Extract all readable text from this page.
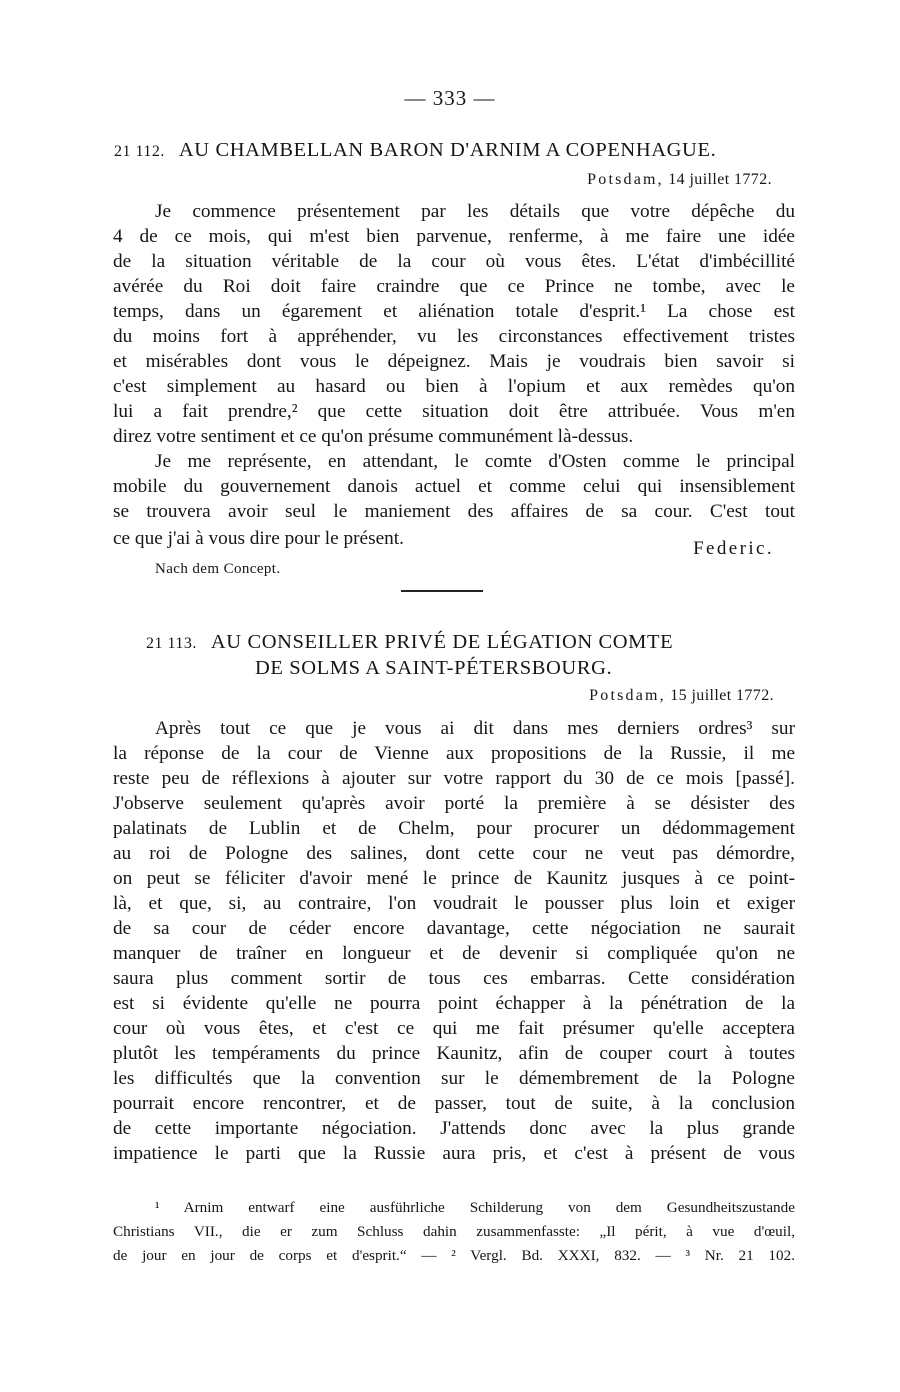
— 333 —
21 112. AU CHAMBELLAN BARON D'ARNIM A COPENHAGUE.
Potsdam, 14 juillet 1772.
Je commence présentement par les détails que votre dépêche du
4 de ce mois, qui m'est bien parvenue, renferme, à me faire une idée
de la situation véritable de la cour où vous êtes. L'état d'imbécillité
avérée du Roi doit faire craindre que ce Prince ne tombe, avec le
temps, dans un égarement et aliénation totale d'esprit.¹ La chose est
du moins fort à appréhender, vu les circonstances effectivement tristes
et misérables dont vous le dépeignez. Mais je voudrais bien savoir si
c'est simplement au hasard ou bien à l'opium et aux remèdes qu'on
lui a fait prendre,² que cette situation doit être attribuée. Vous m'en
direz votre sentiment et ce qu'on présume communément là-dessus.
Je me représente, en attendant, le comte d'Osten comme le principal
mobile du gouvernement danois actuel et comme celui qui insensiblement
se trouvera avoir seul le maniement des affaires de sa cour. C'est tout
ce que j'ai à vous dire pour le présent.	Federic.
Nach dem Concept.
21 113. AU CONSEILLER PRIVÉ DE LÉGATION COMTE
DE SOLMS A SAINT-PÉTERSBOURG.
Potsdam, 15 juillet 1772.
Après tout ce que je vous ai dit dans mes derniers ordres³ sur
la réponse de la cour de Vienne aux propositions de la Russie, il me
reste peu de réflexions à ajouter sur votre rapport du 30 de ce mois [passé].
J'observe seulement qu'après avoir porté la première à se désister des
palatinats de Lublin et de Chelm, pour procurer un dédommagement
au roi de Pologne des salines, dont cette cour ne veut pas démordre,
on peut se féliciter d'avoir mené le prince de Kaunitz jusques à ce point-
là, et que, si, au contraire, l'on voudrait le pousser plus loin et exiger
de sa cour de céder encore davantage, cette négociation ne saurait
manquer de traîner en longueur et de devenir si compliquée qu'on ne
saura plus comment sortir de tous ces embarras. Cette considération
est si évidente qu'elle ne pourra point échapper à la pénétration de la
cour où vous êtes, et c'est ce qui me fait présumer qu'elle acceptera
plutôt les tempéraments du prince Kaunitz, afin de couper court à toutes
les difficultés que la convention sur le démembrement de la Pologne
pourrait encore rencontrer, et de passer, tout de suite, à la conclusion
de cette importante négociation. J'attends donc avec la plus grande
impatience le parti que la Russie aura pris, et c'est à présent de vous
¹ Arnim entwarf eine ausführliche Schilderung von dem Gesundheitszustande
Christians VII., die er zum Schluss dahin zusammenfasste: „Il périt, à vue d'œuil,
de jour en jour de corps et d'esprit.“ — ² Vergl. Bd. XXXI, 832. — ³ Nr. 21 102.
